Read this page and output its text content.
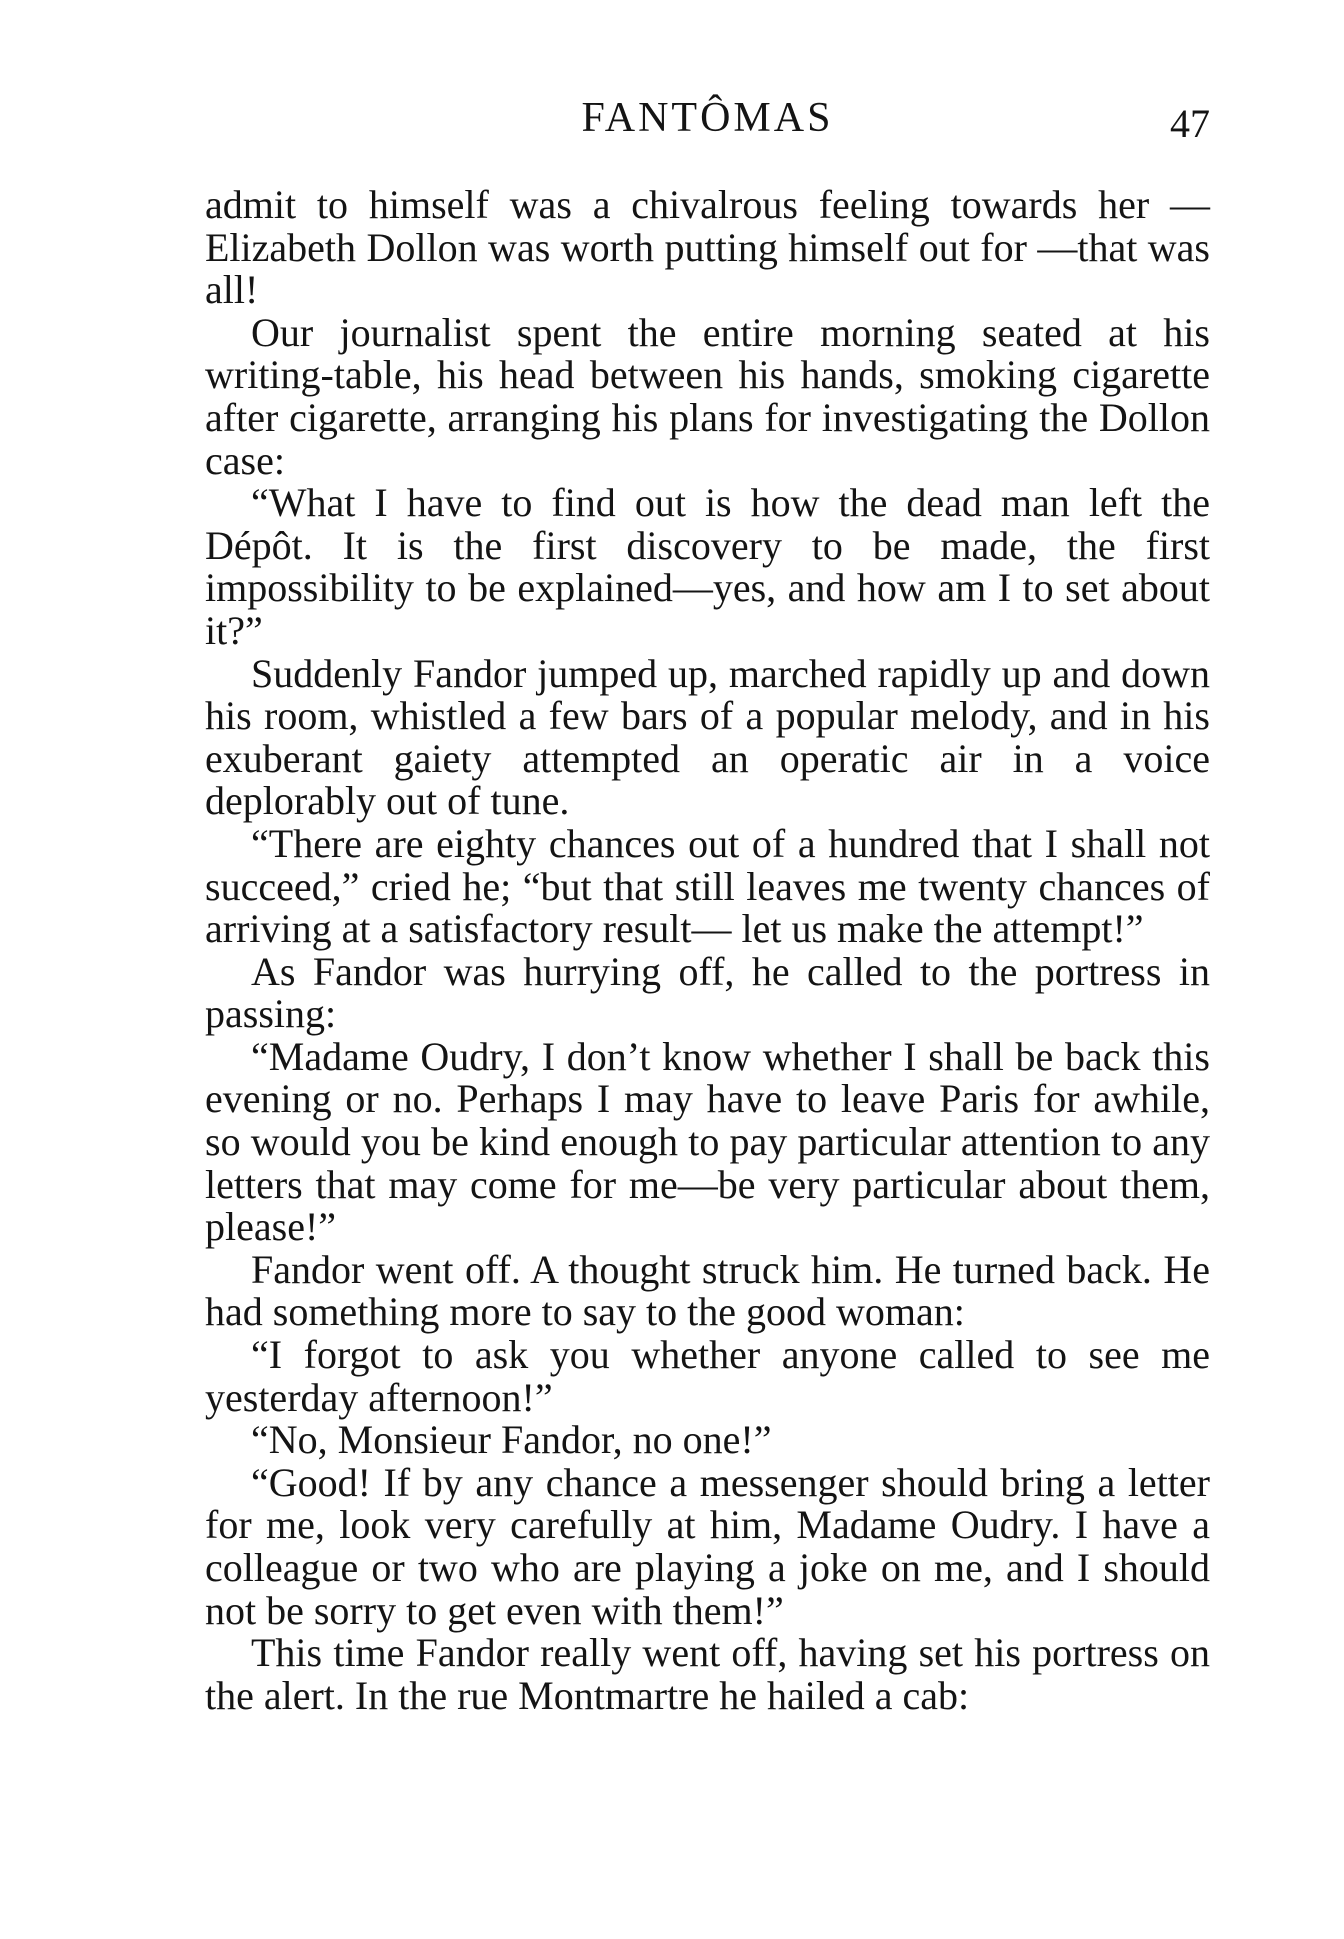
FANTÔMAS	47

admit to himself was a chivalrous feeling towards her —Elizabeth Dollon was worth putting himself out for —that was all!

Our journalist spent the entire morning seated at his writing-table, his head between his hands, smoking cigarette after cigarette, arranging his plans for investigating the Dollon case:

“What I have to find out is how the dead man left the Dépôt. It is the first discovery to be made, the first impossibility to be explained—yes, and how am I to set about it?”

Suddenly Fandor jumped up, marched rapidly up and down his room, whistled a few bars of a popular melody, and in his exuberant gaiety attempted an operatic air in a voice deplorably out of tune.

“There are eighty chances out of a hundred that I shall not succeed,” cried he; “but that still leaves me twenty chances of arriving at a satisfactory result— let us make the attempt!”

As Fandor was hurrying off, he called to the portress in passing:

“Madame Oudry, I don’t know whether I shall be back this evening or no. Perhaps I may have to leave Paris for awhile, so would you be kind enough to pay particular attention to any letters that may come for me—be very particular about them, please!”

Fandor went off. A thought struck him. He turned back. He had something more to say to the good woman:

“I forgot to ask you whether anyone called to see me yesterday afternoon!”

“No, Monsieur Fandor, no one!”

“Good! If by any chance a messenger should bring a letter for me, look very carefully at him, Madame Oudry. I have a colleague or two who are playing a joke on me, and I should not be sorry to get even with them!”

This time Fandor really went off, having set his portress on the alert. In the rue Montmartre he hailed a cab:
